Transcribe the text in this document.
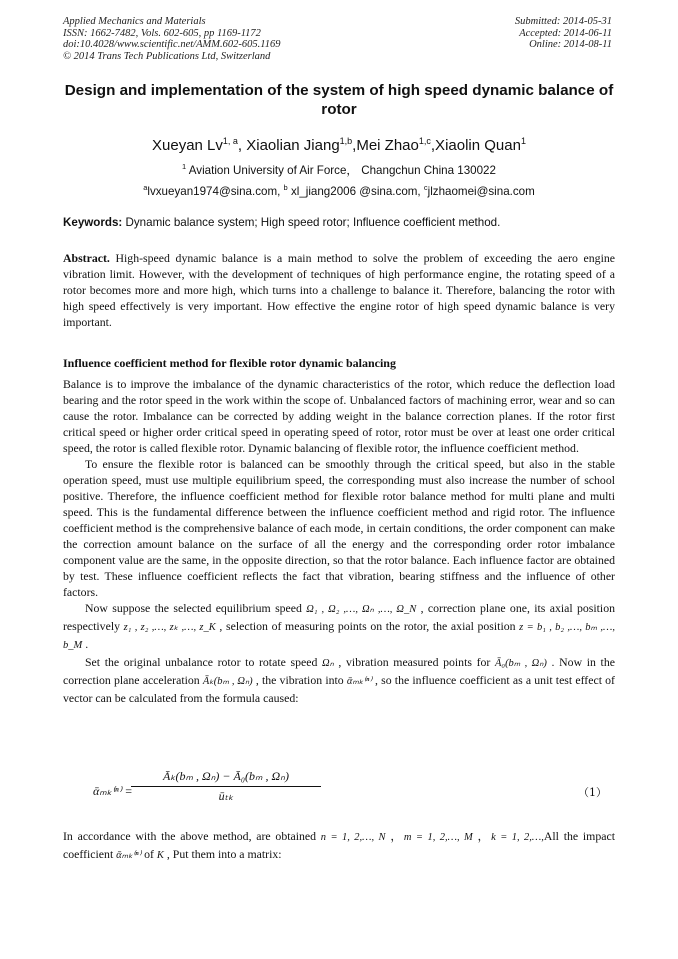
Applied Mechanics and Materials
ISSN: 1662-7482, Vols. 602-605, pp 1169-1172
doi:10.4028/www.scientific.net/AMM.602-605.1169
© 2014 Trans Tech Publications Ltd, Switzerland
Submitted: 2014-05-31
Accepted: 2014-06-11
Online: 2014-08-11
Design and implementation of the system of high speed dynamic balance of rotor
Xueyan Lv$^{1, a}$, Xiaolian Jiang$^{1,b}$,Mei Zhao$^{1,c}$,Xiaolin Quan$^1$
$^1$ Aviation University of Air Force， Changchun China 130022
$^a$lvxueyan1974@sina.com, $^b$ xl_jiang2006 @sina.com, $^c$jlzhaomei@sina.com
Keywords: Dynamic balance system; High speed rotor; Influence coefficient method.
Abstract. High-speed dynamic balance is a main method to solve the problem of exceeding the aero engine vibration limit. However, with the development of techniques of high performance engine, the rotating speed of a rotor becomes more and more high, which turns into a challenge to balance it. Therefore, balancing the rotor with high speed effectively is very important. How effective the engine rotor of high speed dynamic balance is very important.
Influence coefficient method for flexible rotor dynamic balancing

Balance is to improve the imbalance of the dynamic characteristics of the rotor, which reduce the deflection load bearing and the rotor speed in the work within the scope of. Unbalanced factors of machining error, wear and so can cause the rotor. Imbalance can be corrected by adding weight in the balance correction planes. If the rotor first critical speed or higher order critical speed in operating speed of rotor, rotor must be over at least one order critical speed, the rotor is called flexible rotor. Dynamic balancing of flexible rotor, the influence coefficient method.

To ensure the flexible rotor is balanced can be smoothly through the critical speed, but also in the stable operation speed, must use multiple equilibrium speed, the corresponding must also increase the number of school positive. Therefore, the influence coefficient method for flexible rotor balance method for multi plane and multi speed. This is the fundamental difference between the influence coefficient method and rigid rotor. The influence coefficient method is the comprehensive balance of each mode, in certain conditions, the order component can make the correction amount balance on the surface of all the energy and the corresponding order rotor imbalance component value are the same, in the opposite direction, so that the rotor balance. Each influence factor are obtained by test. These influence coefficient reflects the fact that vibration, bearing stiffness and the influence of other factors.

Now suppose the selected equilibrium speed Ω₁ , Ω₂ ,…, Ωₙ ,…, Ω_N , correction plane one, its axial position respectively z₁ , z₂ ,…, zₖ ,…, z_K , selection of measuring points on the rotor, the axial position z = b₁ , b₂ ,…, bₘ ,…, b_M .

Set the original unbalance rotor to rotate speed Ωₙ , vibration measured points for Ā₀(bₘ , Ωₙ) . Now in the correction plane acceleration Āₖ(bₘ , Ωₙ) , the vibration into ᾱₘₖ⁽ⁿ⁾ , so the influence coefficient as a unit test effect of vector can be calculated from the formula caused:

ᾱₘₖ⁽ⁿ⁾ =
Āₖ(bₘ , Ωₙ) − Ā₀(bₘ , Ωₙ)
ūₜₖ	（1）
In accordance with the above method, are obtained n = 1, 2,…, N ，m = 1, 2,…, M ，k = 1, 2,…,All the impact coefficient ᾱₘₖ⁽ⁿ⁾ of K , Put them into a matrix:
